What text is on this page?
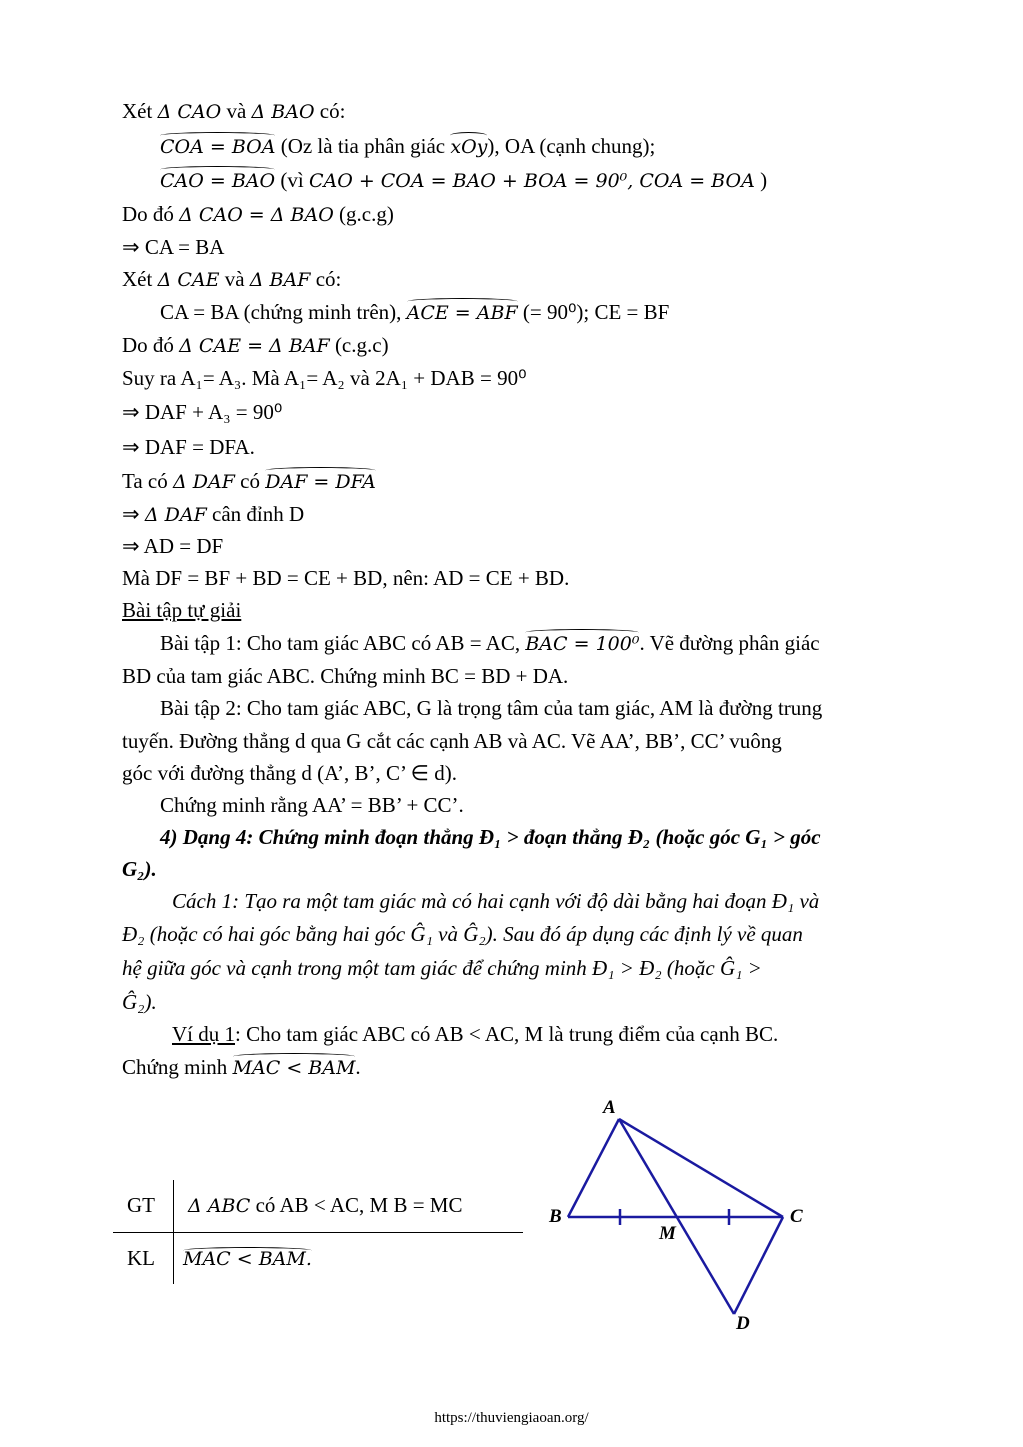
Xét Δ CAO và Δ BAO có:
COA = BOA (Oz là tia phân giác xOy), OA (cạnh chung);
CAO = BAO (vì CAO + COA = BAO + BOA = 90⁰, COA = BOA )
Do đó Δ CAO = Δ BAO (g.c.g)
⇒ CA = BA
Xét Δ CAE và Δ BAF có:
CA = BA (chứng minh trên), ACE = ABF (= 90⁰); CE = BF
Do đó Δ CAE = Δ BAF (c.g.c)
Suy ra A₁= A₃. Mà A₁= A₂ và 2A₁ + DAB = 90⁰
⇒ DAF + A₃ = 90⁰
⇒ DAF = DFA.
Ta có Δ DAF có DAF = DFA
⇒ Δ DAF cân đỉnh D
⇒ AD = DF
Mà DF = BF + BD = CE + BD, nên: AD = CE + BD.
Bài tập tự giải
Bài tập 1: Cho tam giác ABC có AB = AC, BAC = 100⁰. Vẽ đường phân giác
BD của tam giác ABC. Chứng minh BC = BD + DA.
Bài tập 2: Cho tam giác ABC, G là trọng tâm của tam giác, AM là đường trung
tuyến. Đường thẳng d qua G cắt các cạnh AB và AC. Vẽ AA’, BB’, CC’ vuông
góc với đường thẳng d (A’, B’, C’ ∈ d).
Chứng minh rằng AA’ = BB’ + CC’.
4) Dạng 4: Chứng minh đoạn thẳng Đ₁ > đoạn thẳng Đ₂ (hoặc góc G₁ > góc
G₂).
Cách 1: Tạo ra một tam giác mà có hai cạnh với độ dài bằng hai đoạn Đ₁ và
Đ₂ (hoặc có hai góc bằng hai góc Ĝ₁ và Ĝ₂). Sau đó áp dụng các định lý về quan
hệ giữa góc và cạnh trong một tam giác để chứng minh Đ₁ > Đ₂ (hoặc Ĝ₁ >
Ĝ₂).
Ví dụ 1: Cho tam giác ABC có AB < AC, M là trung điểm của cạnh BC.
Chứng minh MAC < BAM.
GT Δ ABC có AB < AC, M B = MC
KL MAC < BAM.
A
B	C
M
D
https://thuviengiaoan.org/
